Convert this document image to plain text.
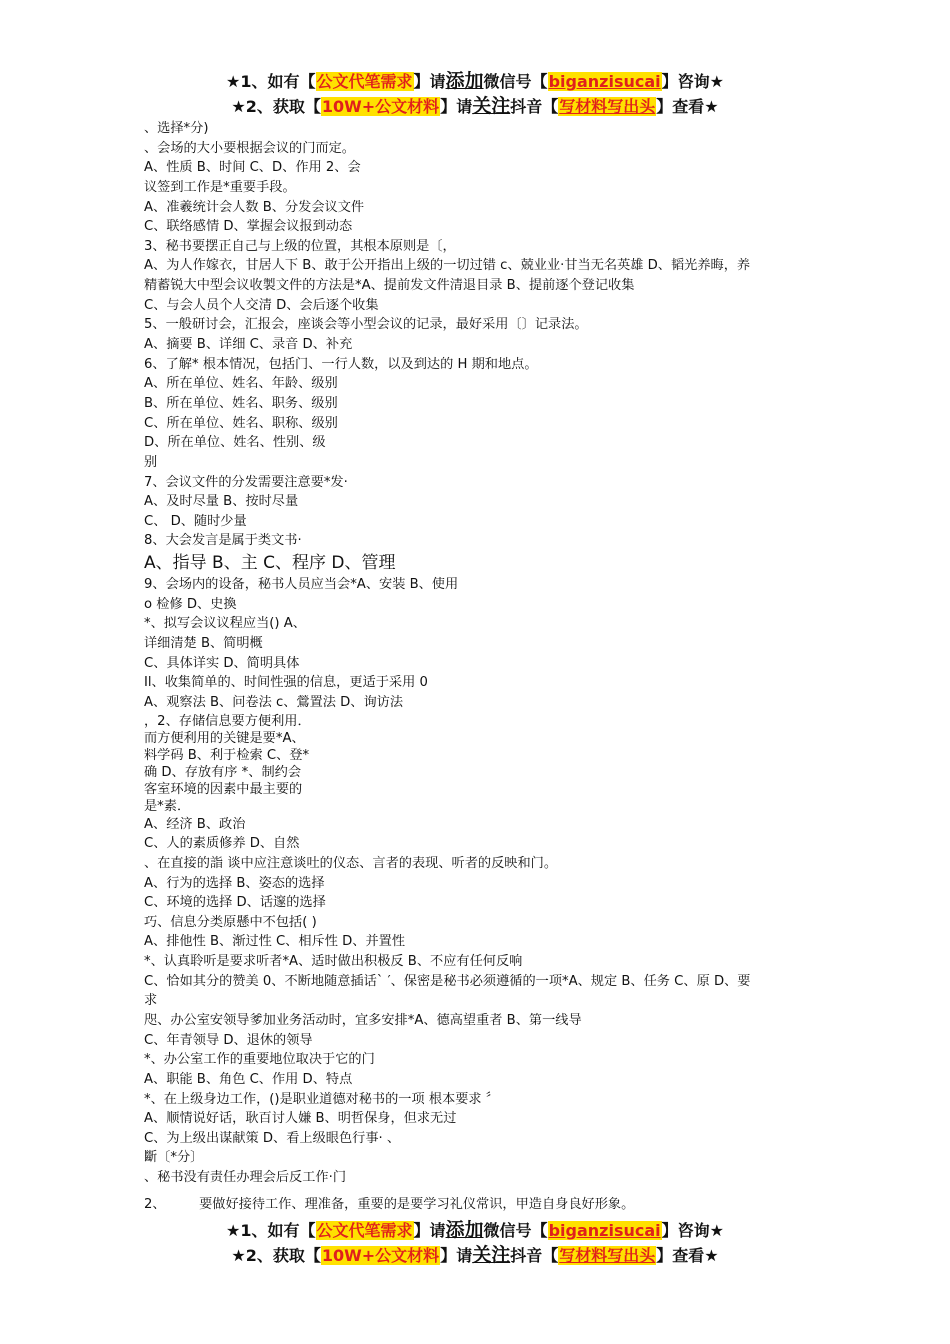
★1、如有【公文代笔需求】请添加微信号【biganzisucai】咨询★
★2、获取【10W+公文材料】请关注抖音【写材料写出头】查看★
、选择*分)
、会场的大小要根据会议的门而定。
A、性质 B、时间 C、D、作用 2、会
议签到工作是*重要手段。
A、准羲统计会人数 B、分发会议文件
C、联络感情 D、掌握会议报到动态
3、秘书要摆正自己与上级的位置，其根本原则是〔，
A、为人作嫁衣，甘居人下 B、敢于公开指出上级的一切过错 c、兢业业·甘当无名英雄 D、韬光养晦，养
精蓄锐大中型会议收製文件的方法是*A、提前发文件清退目录 B、提前逐个登记收集
C、与会人员个人交清 D、会后逐个收集
5、一般研讨会，汇报会，座谈会等小型会议的记录，最好采用〔〕记录法。
A、摘要 B、详细 C、录音 D、补充
6、了解* 根本情况，包括门、一行人数，以及到达的 H 期和地点。
A、所在单位、姓名、年龄、级别
B、所在单位、姓名、职务、级别
C、所在单位、姓名、职称、级别
D、所在单位、姓名、性别、级
别
7、会议文件的分发需要注意要*发·
A、及时尽量 B、按时尽量
C、 D、随时少量
8、大会发言是属于类文书·
A、指导 B、主 C、程序 D、管理
9、会场内的设备，秘书人员应当会*A、安装 B、使用
o 检修 D、史換
*、拟写会议议程应当() A、
详细清楚 B、简明概
C、具体详实 D、简明具体
Il、收集简单的、时间性强的信息，更适于采用 0
A、观察法 B、问卷法 c、鶯置法 D、询访法
，2、存储信息要方便利用．
而方便利用的关键是要*A、
料学码 B、利于检索 C、登*
确 D、存放有序 *、制约会
客室环境的因素中最主要的
是*素．
A、经济 B、政治
C、人的素质修养 D、自然
、在直接的詣 谈中应注意谈吐的仪态、言者的表现、听者的反映和门。
A、行为的选择 B、姿态的选择
C、环境的选择 D、话邃的选择
巧、信息分类原懸中不包括( )
A、排他性 B、渐过性 C、相斥性 D、并置性
*、认真聆听是要求听者*A、适时做出积极反 B、不应有任何反响
C、恰如其分的赞美 0、不断地随意插话` ′、保密是秘书必须遵循的一项*A、规定 B、任务 C、原 D、要
求
咫、办公室安领导爹加业务活动时，宜多安排*A、德高望重者 B、第一线导
C、年青领导 D、退休的领导
*、办公室工作的重要地位取决于它的门
A、职能 B、角色 C、作用 D、特点
*、在上级身边工作，()是职业道德对秘书的一项 根本要求 〞
A、顺情说好话，耿百讨人嫌 B、明哲保身，但求无过
C、为上级出谋献策 D、看上级眼色行事· 、
斷〔*分〕
、秘书没有责任办理会后反工作·门
2、        要做好接待工作、理准备，重要的是要学习礼仪常识，甲造自身良好形象。
★1、如有【公文代笔需求】请添加微信号【biganzisucai】咨询★
★2、获取【10W+公文材料】请关注抖音【写材料写出头】查看★
